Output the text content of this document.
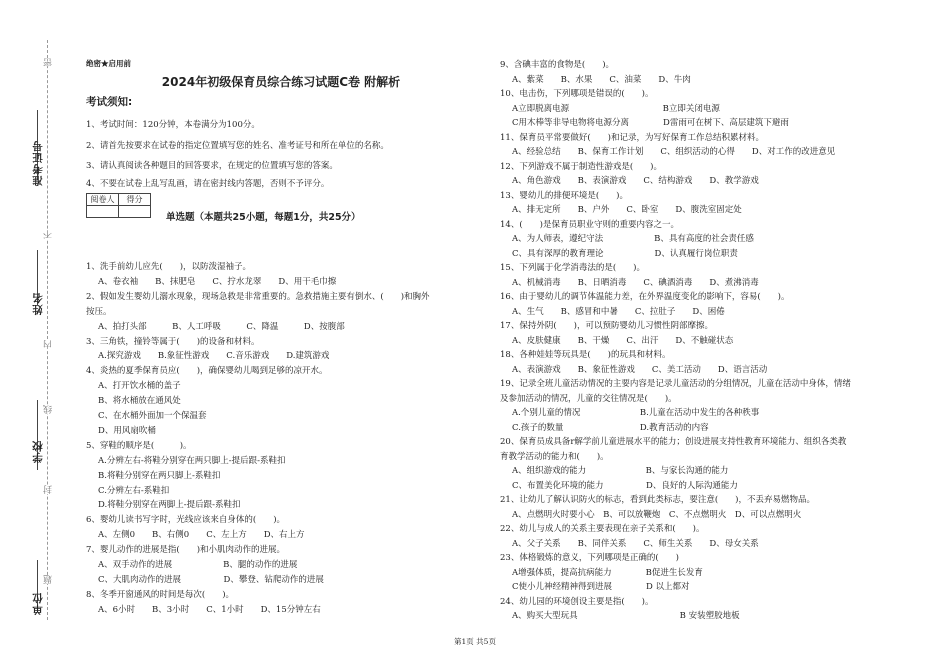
准考证号
姓名
学校
单位
密
不
内
线
封
题
绝密★启用前
2024年初级保育员综合练习试题C卷 附解析
考试须知:
1、考试时间：120分钟，本卷满分为100分。
2、请首先按要求在试卷的指定位置填写您的姓名、准考证号和所在单位的名称。
3、请认真阅读各种题目的回答要求，在规定的位置填写您的答案。
4、不要在试卷上乱写乱画，请在密封线内答题，否则不予评分。
阅卷人	得分

单选题（本题共25小题，每题1分，共25分）
1、洗手前幼儿应先(　　)，以防泼湿袖子。
A、卷衣袖　　B、抹肥皂　　C、拧水龙翠　　D、用干毛巾擦
2、假如发生婴幼儿溺水现象，现场急救是非常重要的。急救措施主要有倒水、(　　)和胸外
按压。
A、拍打头部　　　B、人工呼吸　　　C、降温　　　D、按腹部
3、三角铁，撞铃等属于(　　)的设备和材料。
A.探究游戏　　B.象征性游戏　　C.音乐游戏　　D.建筑游戏
4、炎热的夏季保育员应(　　)，确保婴幼儿喝到足够的凉开水。
A、打开饮水桶的盖子
B、将水桶放在通风处
C、在水桶外面加一个保温套
D、用风扇吹桶
5、穿鞋的顺序是(　　　)。
A.分辨左右-将鞋分别穿在两只脚上-提后跟-系鞋扣
B.将鞋分别穿在两只脚上-系鞋扣
C.分辨左右-系鞋扣
D.将鞋分别穿在两脚上-提后跟-系鞋扣
6、婴幼儿读书写字时，光线应该来自身体的(　　)。
A、左侧0　　B、右侧0　　C、左上方　　D、右上方
7、婴儿动作的进展是指(　　)和小肌肉动作的进展。
A、双手动作的进展　　　　　　B、腿的动作的进展
C、大肌肉动作的进展　　　　　D、攀登、钻爬动作的进展
8、冬季开窗通风的时间是每次(　　)。
A、6小时　　B、3小时　　C、1小时　　D、15分钟左右
9、含碘丰富的食物是(　　)。
A、紫菜　　B、水果　　C、油菜　　D、牛肉
10、电击伤，下列哪项是错误的(　　)。
A立即脱离电源　　　　　　　　　　　B立即关闭电源
C用木棒等非导电物将电源分离　　　　D雷雨可在树下、高层建筑下避雨
11、保育员平常要做好(　　)和记录，为写好保育工作总结积累材料。
A、经验总结　　B、保育工作计划　　C、组织活动的心得　　D、对工作的改进意见
12、下列游戏不属于制造性游戏是(　　)。
A、角色游戏　　B、表演游戏　　C、结构游戏　　D、教学游戏
13、婴幼儿的排便环境是(　　)。
A、排无定所　　B、户外　　C、卧室　　D、腹洗室固定处
14、(　　)是保育员职业守则的重要内容之一。
A、为人师表，遵纪守法　　　　　　B、具有高度的社会责任感
C、具有深厚的教育理论　　　　　　D、认真履行岗位职责
15、下列属于化学消毒法的是(　　)。
A、机械消毒　　B、日晒消毒　　C、碘酒消毒　　D、煮沸消毒
16、由于婴幼儿的调节体温能力差，在外界温度变化的影响下，容易(　　)。
A、生气　　B、感冒和中暑　　C、拉肚子　　D、困倦
17、保持外阴(　　)，可以预防婴幼儿习惯性阴部摩擦。
A、皮肤健康　　B、干燥　　C、出汗　　D、不触碰状态
18、各种娃娃等玩具是(　　)的玩具和材料。
A、表演游戏　　B、象征性游戏　　C、美工活动　　D、语言活动
19、记录全班儿童活动情况的主要内容是记录儿童活动的分组情况，儿童在活动中身体，情绪
及参加活动的情况，儿童的交往情况是(　　)。
A.个别儿童的情况　　　　　　　B.儿童在活动中发生的各种秩事
C.孩子的数量　　　　　　　　　D.教育活动的内容
20、保育员成具备r解学前儿童进展水平的能力；创设进展支持性教育环境能力、组织各类教
育教学活动的能力和(　　)。
A、组织游戏的能力　　　　　　　B、与家长沟通的能力
C、布置美化环境的能力　　　　　D、良好的人际沟通能力
21、让幼儿了解认识防火的标志，看到此类标志，要注意(　　)，不丢弃易燃物品。
A、点燃明火时要小心　B、可以放鞭炮　C、不点燃明火　D、可以点燃明火
22、幼儿与成人的关系主要表现在亲子关系和(　　)。
A、父子关系　　B、同伴关系　　C、师生关系　　D、母女关系
23、体格锻炼的意义，下列哪项是正确的(　　)
A增强体质，提高抗病能力　　　　B促进生长发育
C使小儿神经精神得到进展　　　　D 以上都对
24、幼儿园的环境创设主要是指(　　)。
A、购买大型玩具　　　　　　　　　　　　B 安装塑胶地板
第1页 共5页
